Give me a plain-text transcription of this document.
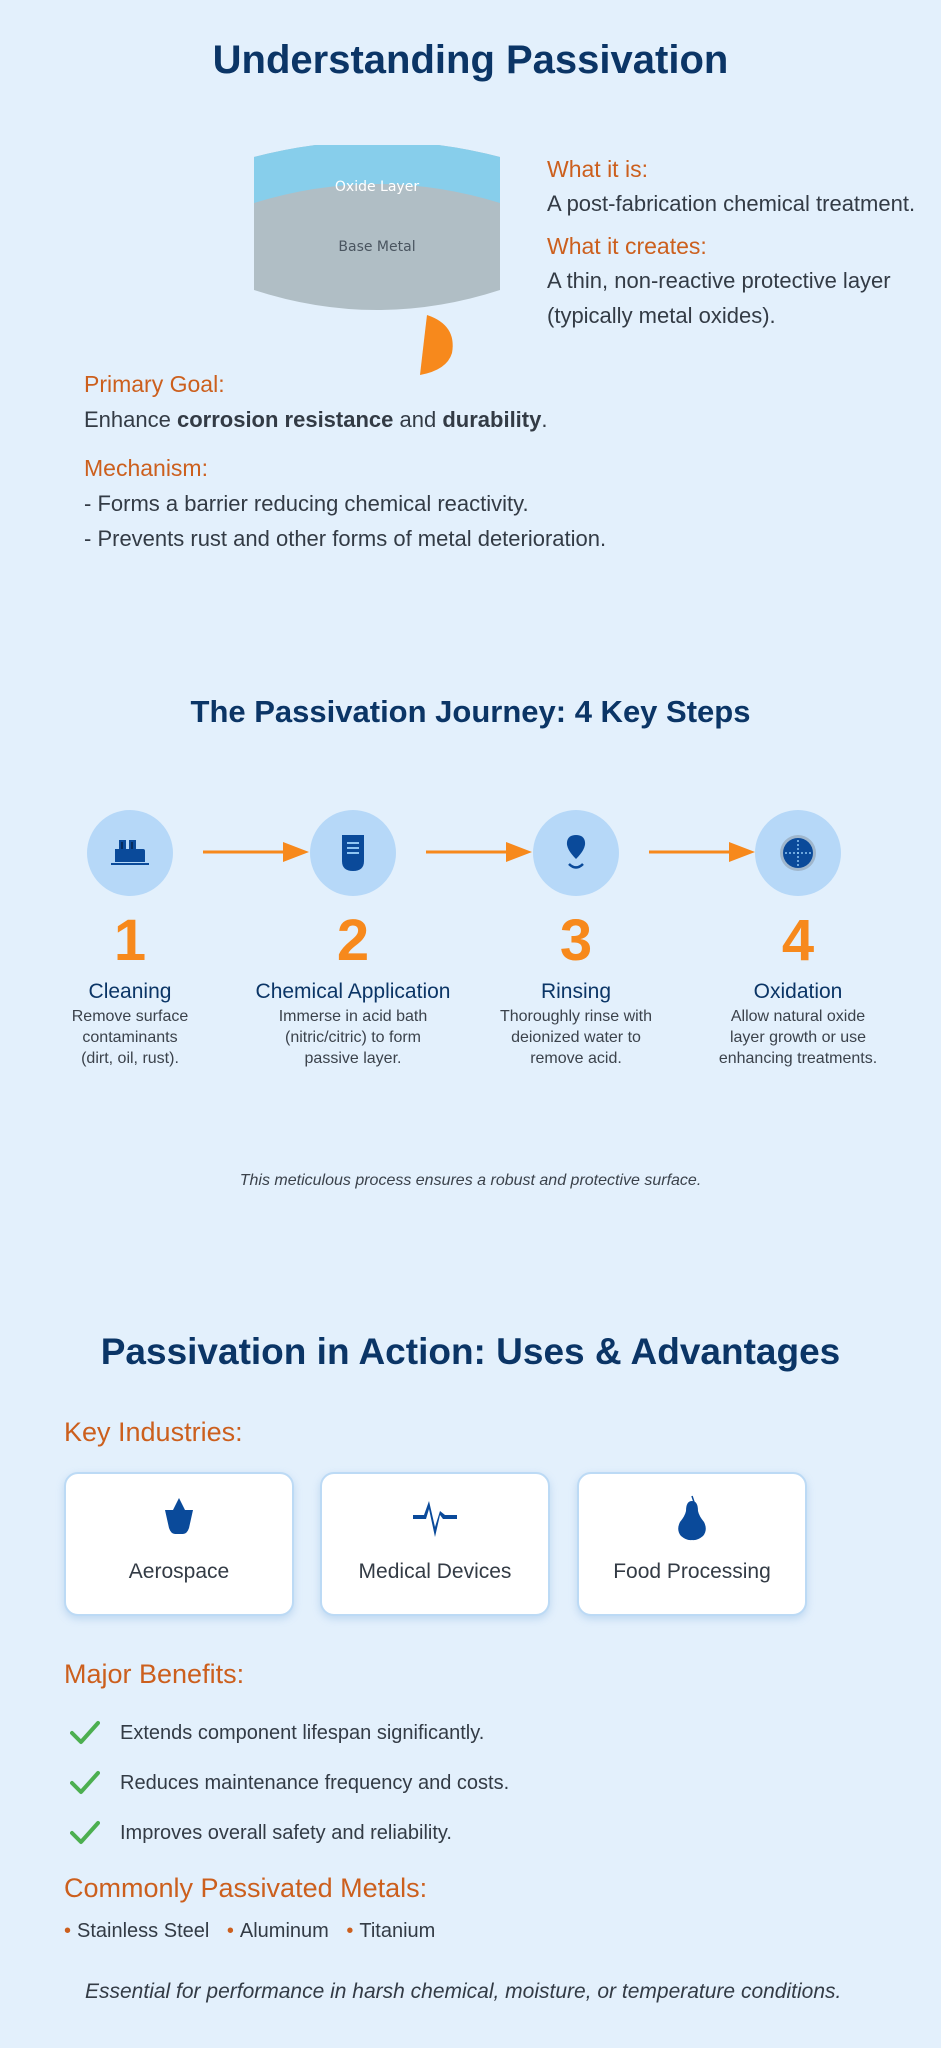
Understanding Passivation
Oxide Layer
Base Metal
What it is:
A post-fabrication chemical treatment.
What it creates:
A thin, non-reactive protective layer
(typically metal oxides).
Primary Goal:
Enhance corrosion resistance and durability.
Mechanism:
- Forms a barrier reducing chemical reactivity.
- Prevents rust and other forms of metal deterioration.
The Passivation Journey: 4 Key Steps
1
Cleaning
Remove surface
contaminants
(dirt, oil, rust).
2
Chemical Application
Immerse in acid bath
(nitric/citric) to form
passive layer.
3
Rinsing
Thoroughly rinse with
deionized water to
remove acid.
4
Oxidation
Allow natural oxide
layer growth or use
enhancing treatments.
This meticulous process ensures a robust and protective surface.
Passivation in Action: Uses & Advantages
Key Industries:
Aerospace	Medical Devices	Food Processing
Major Benefits:
Extends component lifespan significantly.
Reduces maintenance frequency and costs.
Improves overall safety and reliability.
Commonly Passivated Metals:
• Stainless Steel • Aluminum • Titanium
Essential for performance in harsh chemical, moisture, or temperature conditions.
